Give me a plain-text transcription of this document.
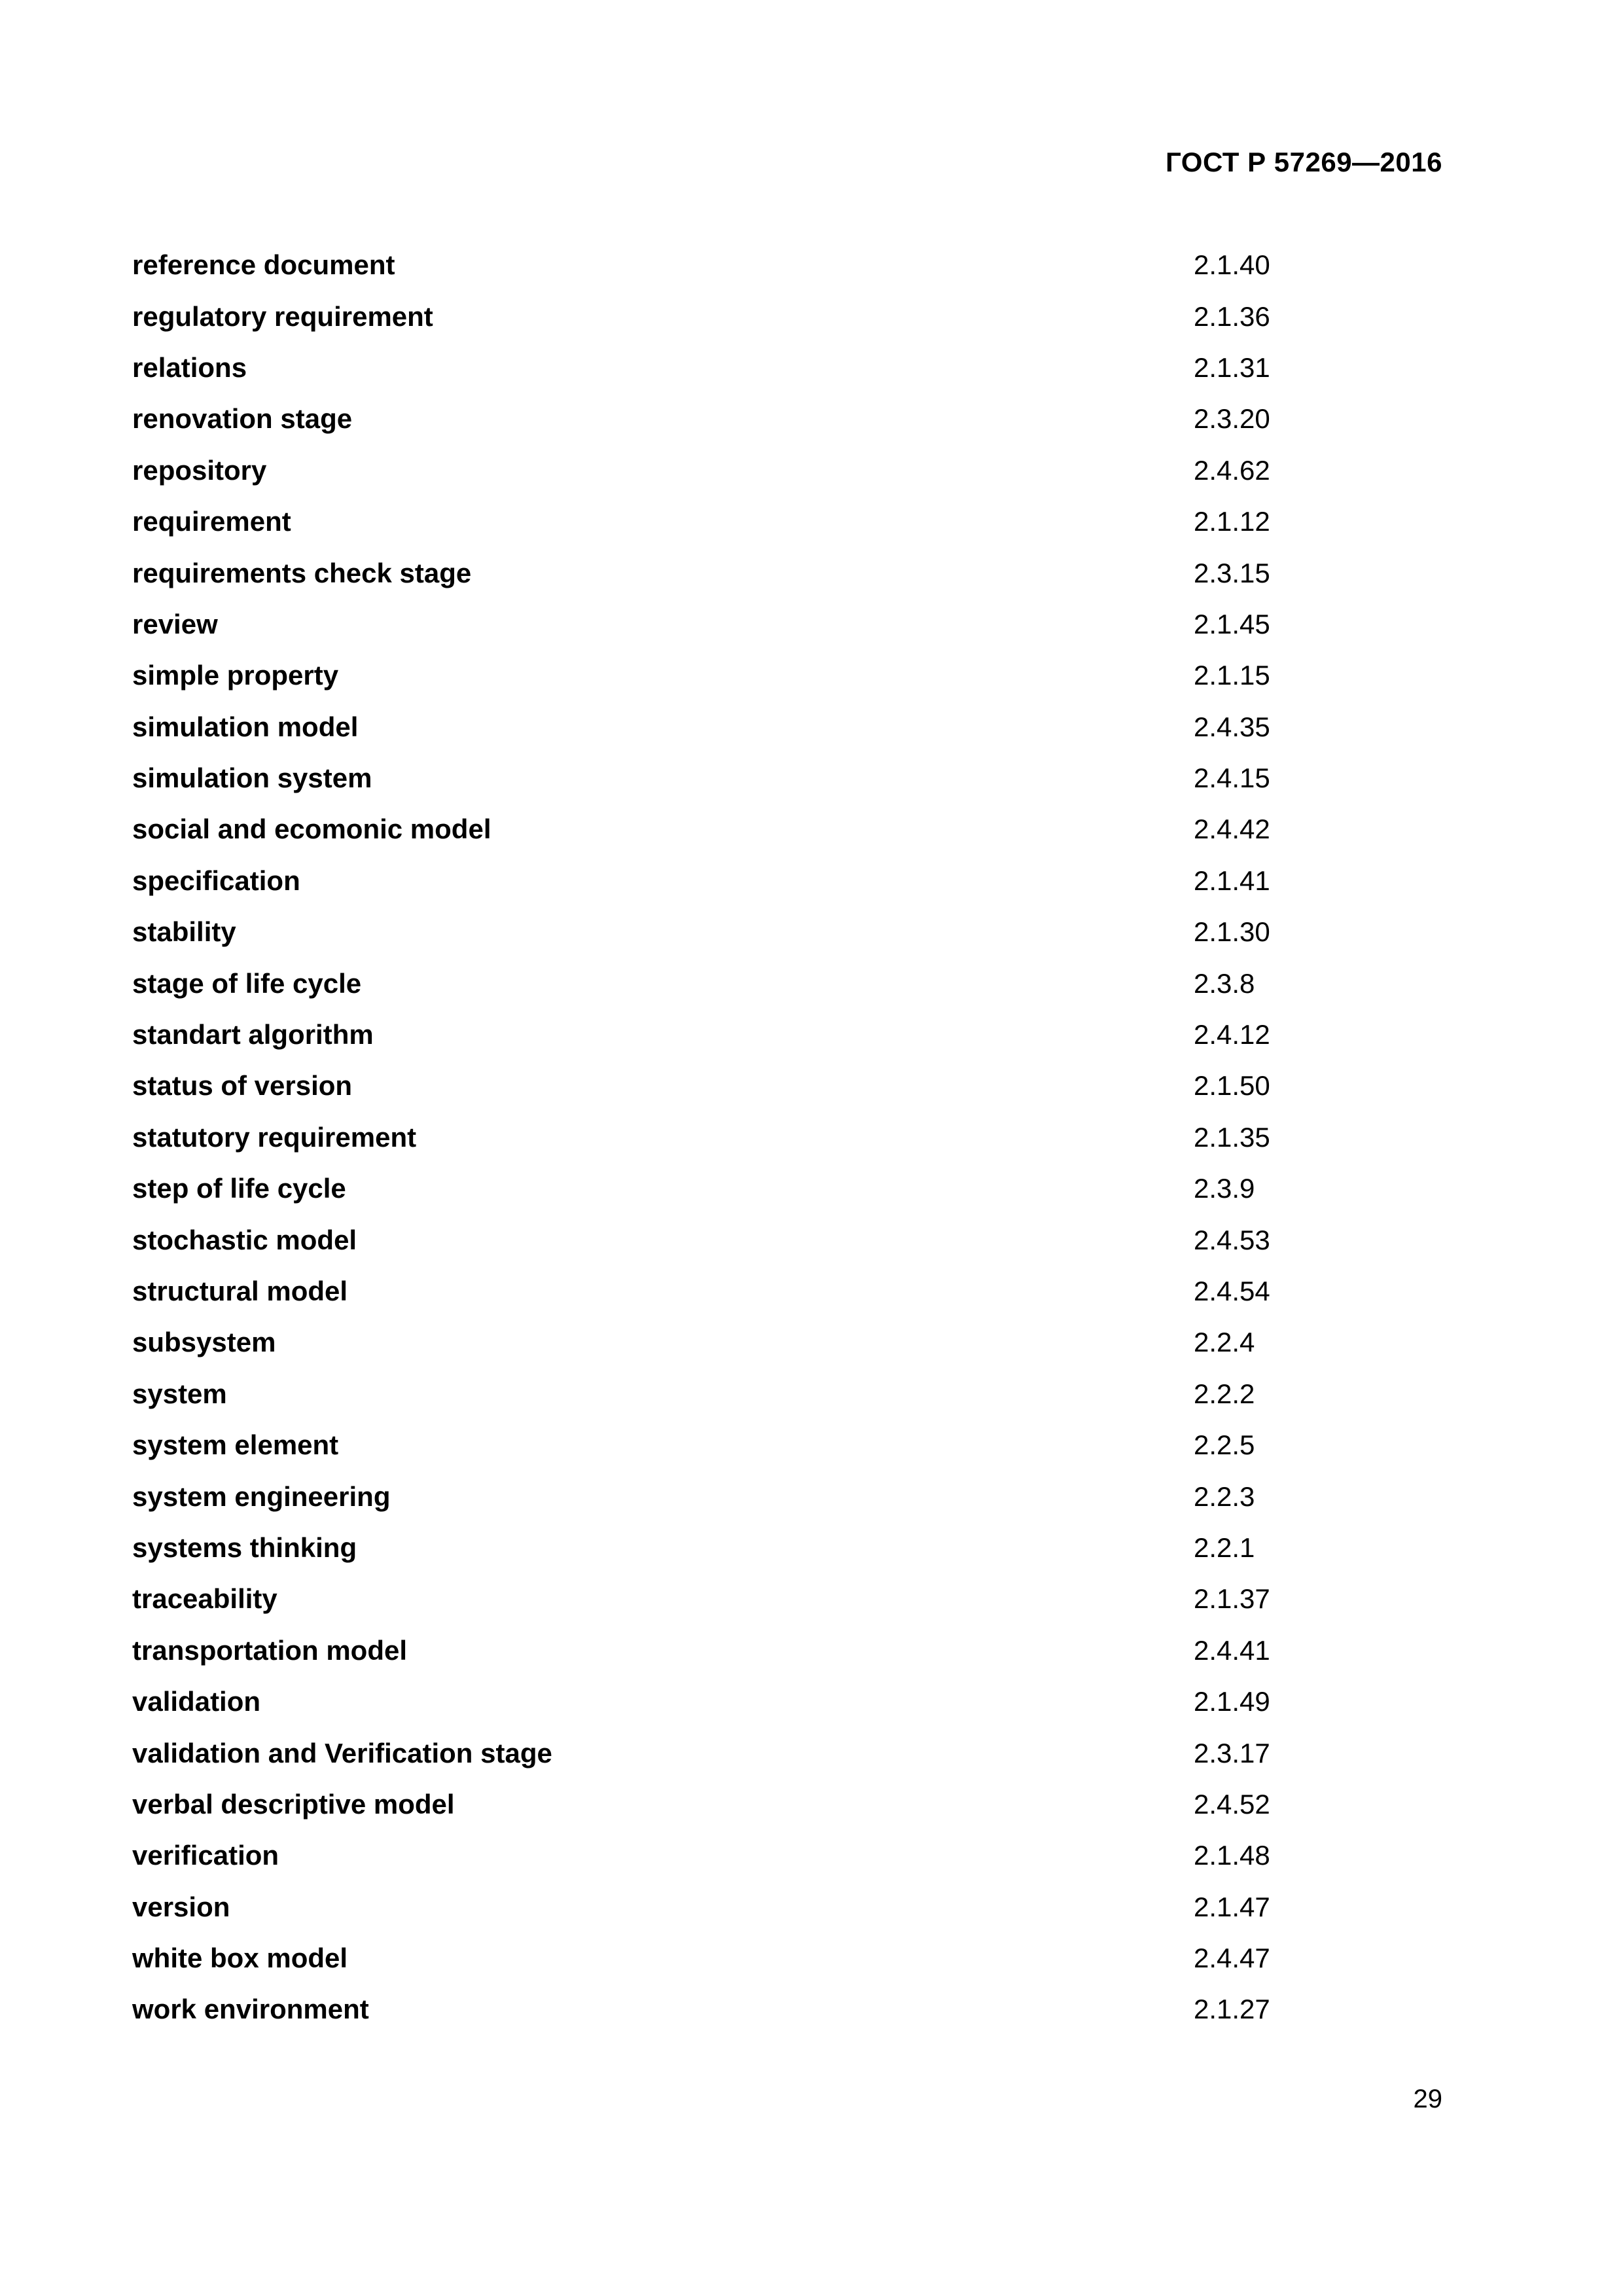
ГОСТ Р 57269—2016
reference document	2.1.40
regulatory requirement	2.1.36
relations	2.1.31
renovation stage	2.3.20
repository	2.4.62
requirement	2.1.12
requirements check stage	2.3.15
review	2.1.45
simple property	2.1.15
simulation model	2.4.35
simulation system	2.4.15
social and ecomonic model	2.4.42
specification	2.1.41
stability	2.1.30
stage of life cycle	2.3.8
standart algorithm	2.4.12
status of version	2.1.50
statutory requirement	2.1.35
step of life cycle	2.3.9
stochastic model	2.4.53
structural model	2.4.54
subsystem	2.2.4
system	2.2.2
system element	2.2.5
system engineering	2.2.3
systems thinking	2.2.1
traceability	2.1.37
transportation model	2.4.41
validation	2.1.49
validation and Verification stage	2.3.17
verbal descriptive model	2.4.52
verification	2.1.48
version	2.1.47
white box model	2.4.47
work environment	2.1.27
29
